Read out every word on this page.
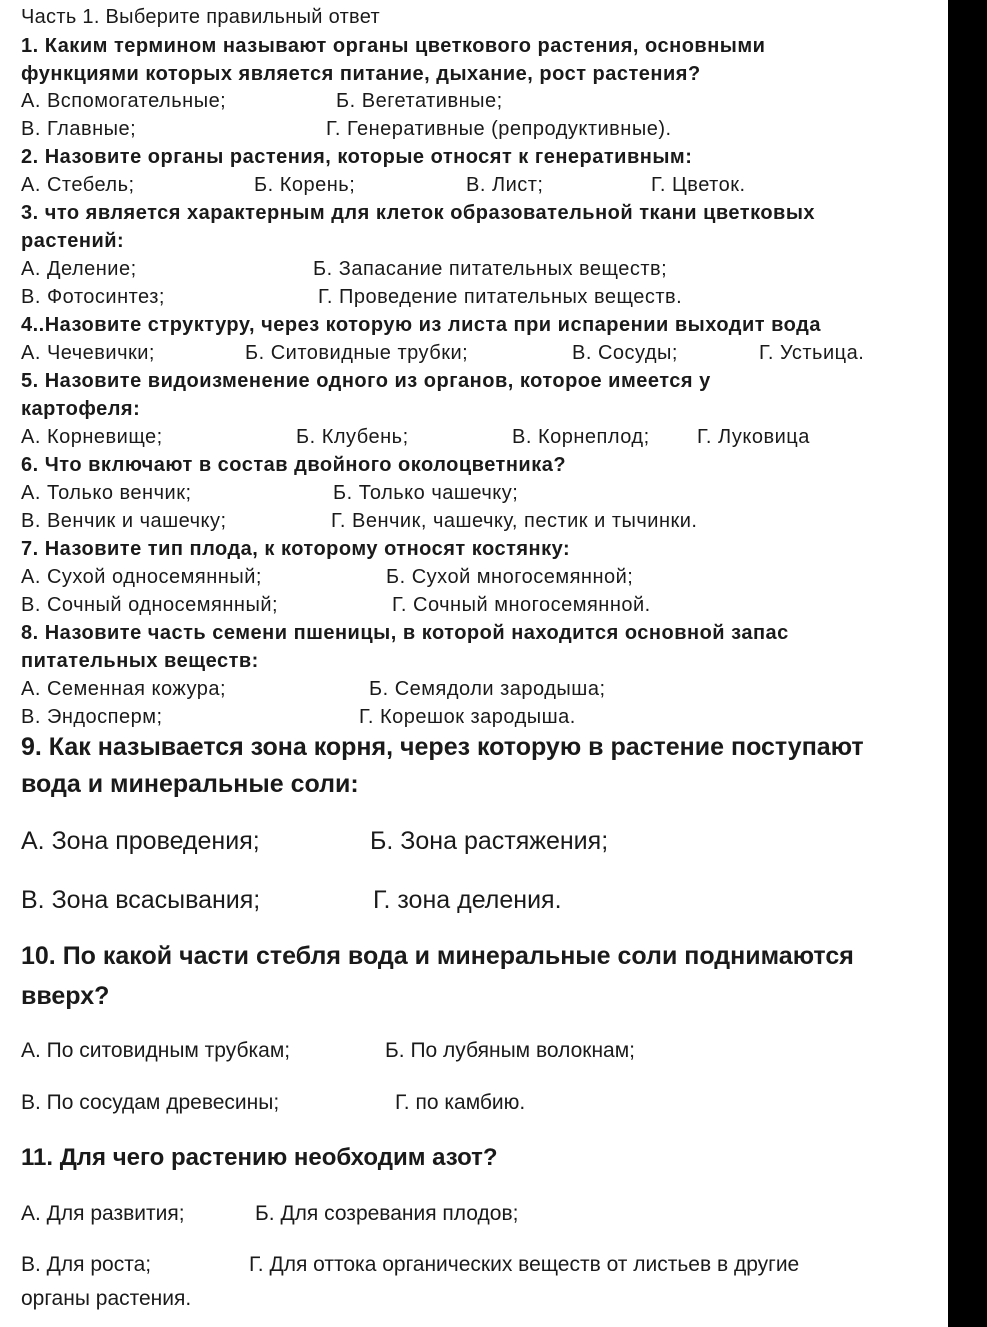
Часть 1. Выберите правильный ответ
1. Каким термином называют органы цветкового растения, основными
функциями которых является питание, дыхание, рост растения?
А. Вспомогательные;	Б. Вегетативные;
В. Главные;	Г. Генеративные (репродуктивные).
2. Назовите органы растения, которые относят к генеративным:
А. Стебель;	Б. Корень;	В. Лист;	Г. Цветок.
3. что является характерным для клеток образовательной ткани цветковых
растений:
А. Деление;	Б. Запасание питательных веществ;
В. Фотосинтез;	Г. Проведение питательных веществ.
4..Назовите структуру, через которую из листа при испарении выходит вода
А. Чечевички;	Б. Ситовидные трубки;	В. Сосуды;	Г. Устьица.
5. Назовите видоизменение одного из органов, которое имеется у
картофеля:
А. Корневище;	Б. Клубень;	В. Корнеплод; Г. Луковица
6. Что включают в состав двойного околоцветника?
А. Только венчик;	Б. Только чашечку;
В. Венчик и чашечку;	Г. Венчик, чашечку, пестик и тычинки.
7. Назовите тип плода, к которому относят костянку:
А. Сухой односемянный;	Б. Сухой многосемянной;
В. Сочный односемянный;	Г. Сочный многосемянной.
8. Назовите часть семени пшеницы, в которой находится основной запас
питательных веществ:
А. Семенная кожура;	Б. Семядоли зародыша;
В. Эндосперм;	Г. Корешок зародыша.
9. Как называется зона корня, через которую в растение поступают
вода и минеральные соли:
А. Зона проведения;	Б. Зона растяжения;
В. Зона всасывания;	Г. зона деления.
10. По какой части стебля вода и минеральные соли поднимаются
вверх?
А. По ситовидным трубкам;	Б. По лубяным волокнам;
В. По сосудам древесины;	Г. по камбию.
11. Для чего растению необходим азот?
А. Для развития;	Б. Для созревания плодов;
В. Для роста;	Г. Для оттока органических веществ от листьев в другие
органы растения.
